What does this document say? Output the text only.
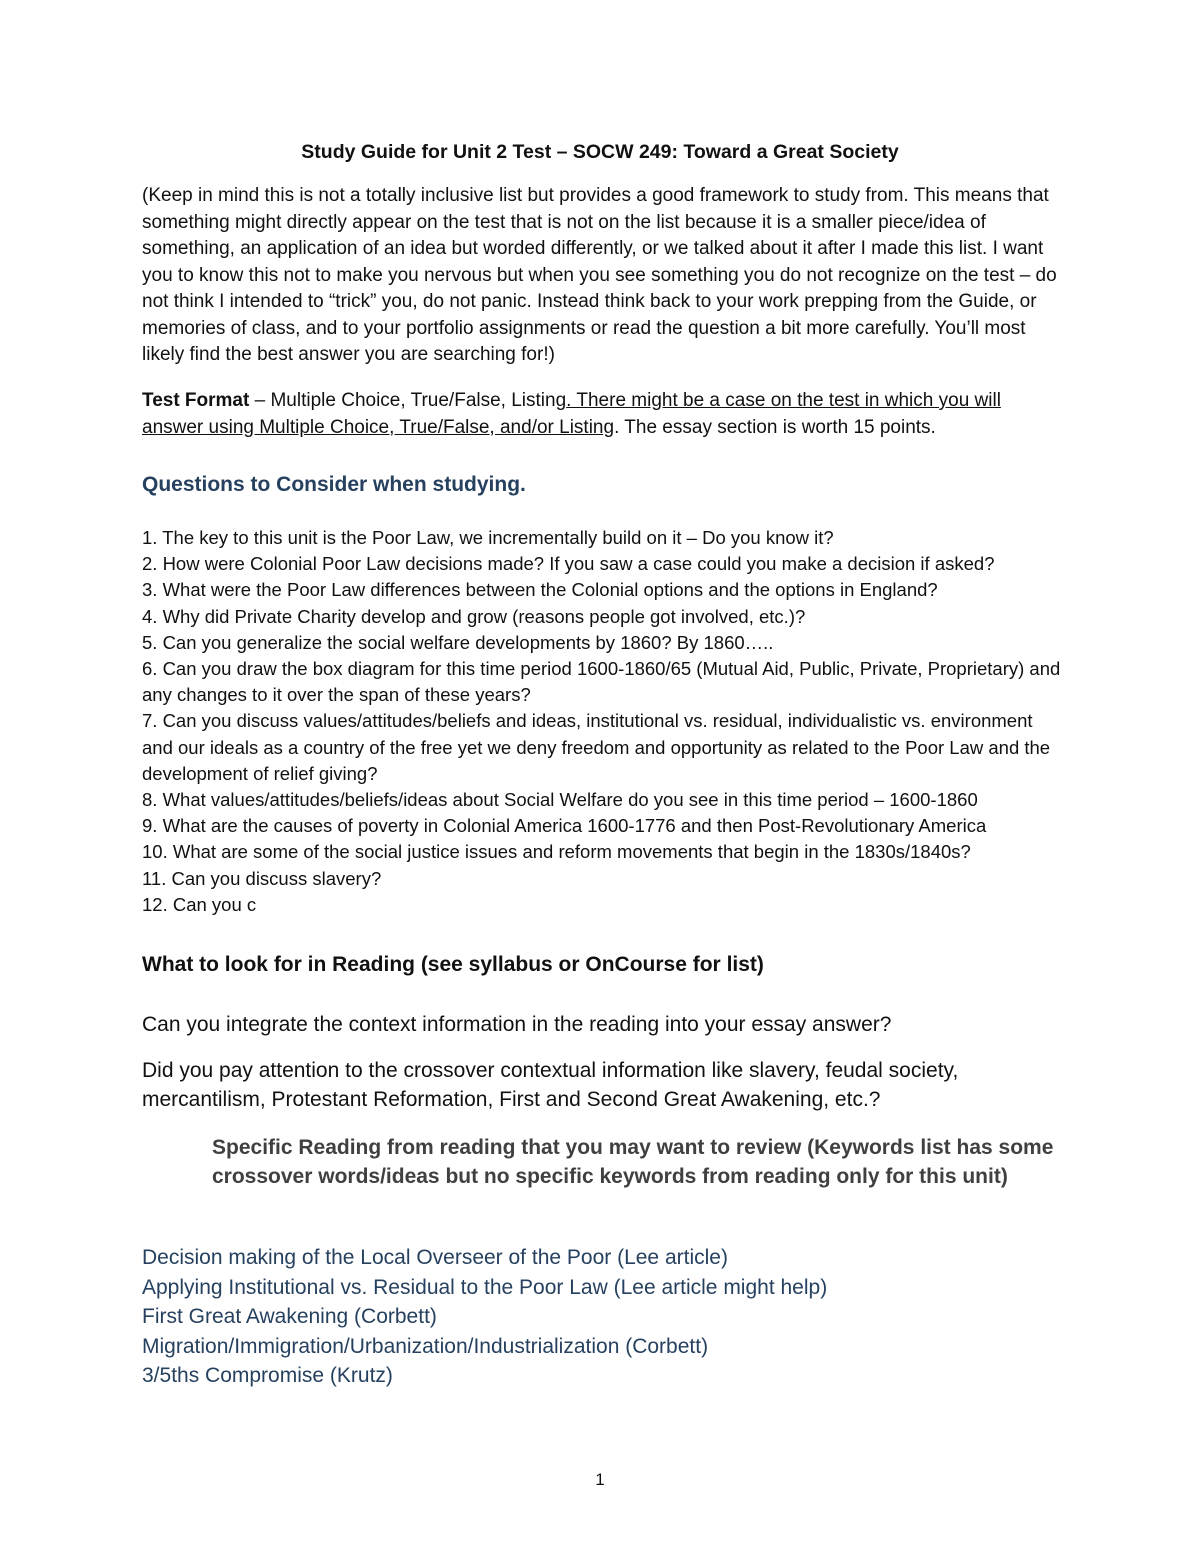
Study Guide for Unit 2 Test – SOCW 249: Toward a Great Society

(Keep in mind this is not a totally inclusive list but provides a good framework to study from. This means that something might directly appear on the test that is not on the list because it is a smaller piece/idea of something, an application of an idea but worded differently, or we talked about it after I made this list. I want you to know this not to make you nervous but when you see something you do not recognize on the test – do not think I intended to “trick” you, do not panic. Instead think back to your work prepping from the Guide, or memories of class, and to your portfolio assignments or read the question a bit more carefully. You’ll most likely find the best answer you are searching for!)

Test Format – Multiple Choice, True/False, Listing. There might be a case on the test in which you will answer using Multiple Choice, True/False, and/or Listing. The essay section is worth 15 points.

Questions to Consider when studying.
1. The key to this unit is the Poor Law, we incrementally build on it – Do you know it?
2. How were Colonial Poor Law decisions made? If you saw a case could you make a decision if asked?
3. What were the Poor Law differences between the Colonial options and the options in England?
4. Why did Private Charity develop and grow (reasons people got involved, etc.)?
5. Can you generalize the social welfare developments by 1860? By 1860…..
6. Can you draw the box diagram for this time period 1600-1860/65 (Mutual Aid, Public, Private, Proprietary) and any changes to it over the span of these years?
7. Can you discuss values/attitudes/beliefs and ideas, institutional vs. residual, individualistic vs. environment and our ideals as a country of the free yet we deny freedom and opportunity as related to the Poor Law and the development of relief giving?
8. What values/attitudes/beliefs/ideas about Social Welfare do you see in this time period – 1600-1860
9. What are the causes of poverty in Colonial America 1600-1776 and then Post-Revolutionary America
10. What are some of the social justice issues and reform movements that begin in the 1830s/1840s?
11. Can you discuss slavery?
12. Can you c
What to look for in Reading (see syllabus or OnCourse for list)
Can you integrate the context information in the reading into your essay answer?
Did you pay attention to the crossover contextual information like slavery, feudal society, mercantilism, Protestant Reformation, First and Second Great Awakening, etc.?

Specific Reading from reading that you may want to review (Keywords list has some crossover words/ideas but no specific keywords from reading only for this unit)

Decision making of the Local Overseer of the Poor (Lee article)
Applying Institutional vs. Residual to the Poor Law (Lee article might help)
First Great Awakening (Corbett)
Migration/Immigration/Urbanization/Industrialization (Corbett)
3/5ths Compromise (Krutz)
1
